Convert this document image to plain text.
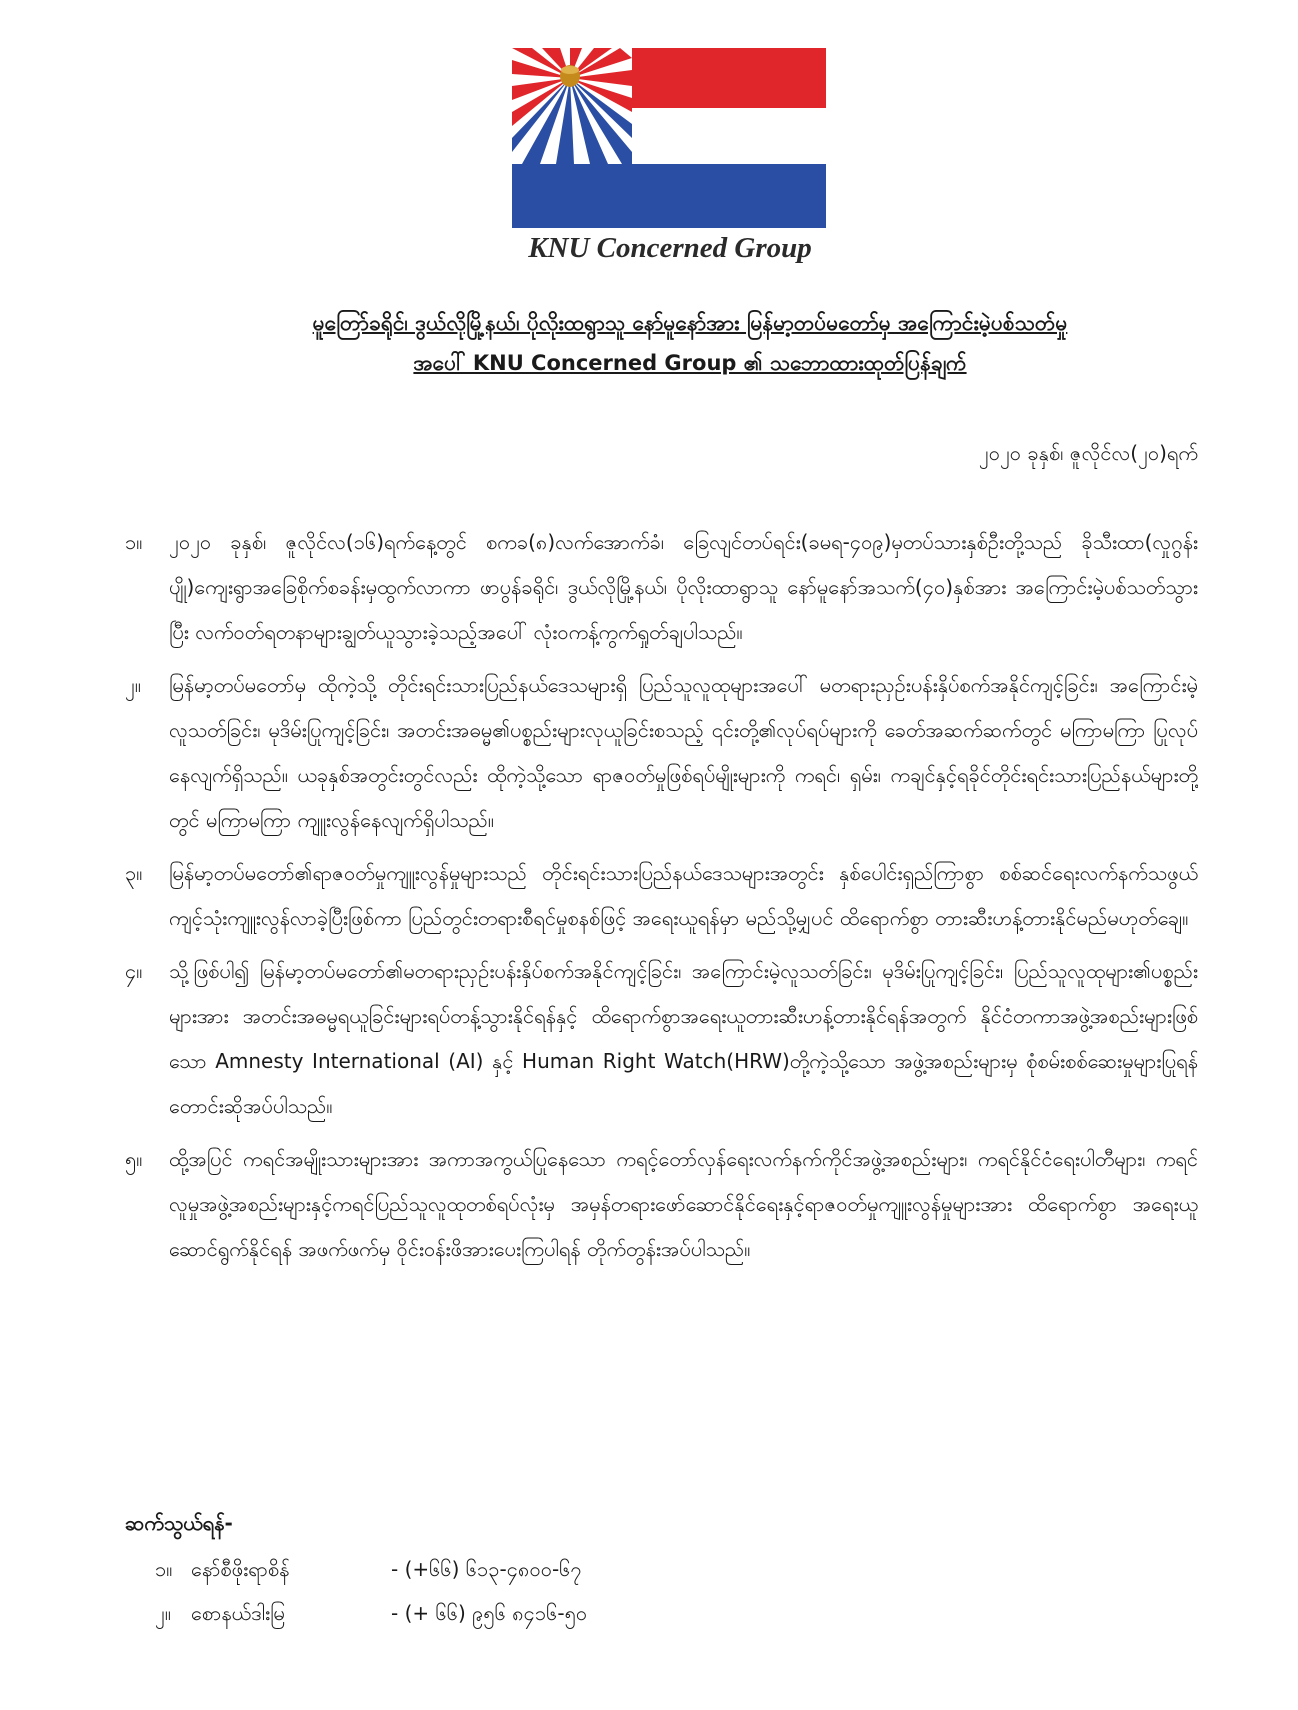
KNU Concerned Group
မူတြော်ခရိုင်၊ ဒွယ်လိုမြို့နယ်၊ ပိုလိုးထရွာသူ နော်မူနော်အား မြန်မာ့တပ်မတော်မှ အကြောင်းမဲ့ပစ်သတ်မှု
အပေါ် KNU Concerned Group ၏ သဘောထားထုတ်ပြန်ချက်
၂၀၂၀ ခုနှစ်၊ ဇူလိုင်လ(၂၀)ရက်
၁။	၂၀၂၀ ခုနှစ်၊ ဇူလိုင်လ(၁၆)ရက်နေ့တွင် စကခ(၈)လက်အောက်ခံ၊ ခြေလျင်တပ်ရင်း(ခမရ-၄၀၉)မှတပ်သားနှစ်ဦးတို့သည် ခိုသီးထာ(လှုဂွန်းပျို)ကျေးရွာအခြေစိုက်စခန်းမှထွက်လာကာ ဖာပွန်ခရိုင်၊ ဒွယ်လိုမြို့နယ်၊ ပိုလိုးထာရွာသူ နော်မူနော်အသက်(၄၀)နှစ်အား အကြောင်းမဲ့ပစ်သတ်သွားပြီး လက်ဝတ်ရတနာများချွတ်ယူသွားခဲ့သည့်အပေါ် လုံးဝကန့်ကွက်ရှုတ်ချပါသည်။
၂။	မြန်မာ့တပ်မတော်မှ ထိုကဲ့သို့ တိုင်းရင်းသားပြည်နယ်ဒေသများရှိ ပြည်သူလူထုများအပေါ် မတရားညှဉ်းပန်းနှိပ်စက်အနိုင်ကျင့်ခြင်း၊ အကြောင်းမဲ့လူသတ်ခြင်း၊ မုဒိမ်းပြုကျင့်ခြင်း၊ အတင်းအဓမ္မ၏ပစ္စည်းများလုယူခြင်းစသည့် ၎င်းတို့၏လုပ်ရပ်များကို ခေတ်အဆက်ဆက်တွင် မကြာမကြာ ပြုလုပ်နေလျက်ရှိသည်။ ယခုနှစ်အတွင်းတွင်လည်း ထိုကဲ့သို့သော ရာဇဝတ်မှုဖြစ်ရပ်မျိုးများကို ကရင်၊ ရှမ်း၊ ကချင်နှင့်ရခိုင်တိုင်းရင်းသားပြည်နယ်များတို့တွင် မကြာမကြာ ကျူးလွန်နေလျက်ရှိပါသည်။
၃။	မြန်မာ့တပ်မတော်၏ရာဇဝတ်မှုကျူးလွန်မှုများသည် တိုင်းရင်းသားပြည်နယ်ဒေသများအတွင်း နှစ်ပေါင်းရှည်ကြာစွာ စစ်ဆင်ရေးလက်နက်သဖွယ် ကျင့်သုံးကျူးလွန်လာခဲ့ပြီးဖြစ်ကာ ပြည်တွင်းတရားစီရင်မှုစနစ်ဖြင့် အရေးယူရန်မှာ မည်သို့မျှပင် ထိရောက်စွာ တားဆီးဟန့်တားနိုင်မည်မဟုတ်ချေ။
၄။	သို့ဖြစ်ပါ၍ မြန်မာ့တပ်မတော်၏မတရားညှဉ်းပန်းနှိပ်စက်အနိုင်ကျင့်ခြင်း၊ အကြောင်းမဲ့လူသတ်ခြင်း၊ မုဒိမ်းပြုကျင့်ခြင်း၊ ပြည်သူလူထုများ၏ပစ္စည်းများအား အတင်းအဓမ္မရယူခြင်းများရပ်တန့်သွားနိုင်ရန်နှင့် ထိရောက်စွာအရေးယူတားဆီးဟန့်တားနိုင်ရန်အတွက် နိုင်ငံတကာအဖွဲ့အစည်းများဖြစ်သော Amnesty International (AI) နှင့် Human Right Watch(HRW)တို့ကဲ့သို့သော အဖွဲ့အစည်းများမှ စုံစမ်းစစ်ဆေးမှုများပြုရန် တောင်းဆိုအပ်ပါသည်။
၅။	ထို့အပြင် ကရင်အမျိုးသားများအား အကာအကွယ်ပြုနေသော ကရင့်တော်လှန်ရေးလက်နက်ကိုင်အဖွဲ့အစည်းများ၊ ကရင်နိုင်ငံရေးပါတီများ၊ ကရင်လူမှုအဖွဲ့အစည်းများနှင့်ကရင်ပြည်သူလူထုတစ်ရပ်လုံးမှ အမှန်တရားဖော်ဆောင်နိုင်ရေးနှင့်ရာဇဝတ်မှုကျူးလွန်မှုများအား ထိရောက်စွာ အရေးယူဆောင်ရွက်နိုင်ရန် အဖက်ဖက်မှ ဝိုင်းဝန်းဖိအားပေးကြပါရန် တိုက်တွန်းအပ်ပါသည်။
ဆက်သွယ်ရန်-
၁။ နော်စီဖိုးရာစိန်	- (+၆၆) ၆၁၃-၄၈၀၀-၆၇
၂။	စောနယ်ဒါးမြ	- (+ ၆၆) ၉၅၆ ၈၄၁၆-၅၀
